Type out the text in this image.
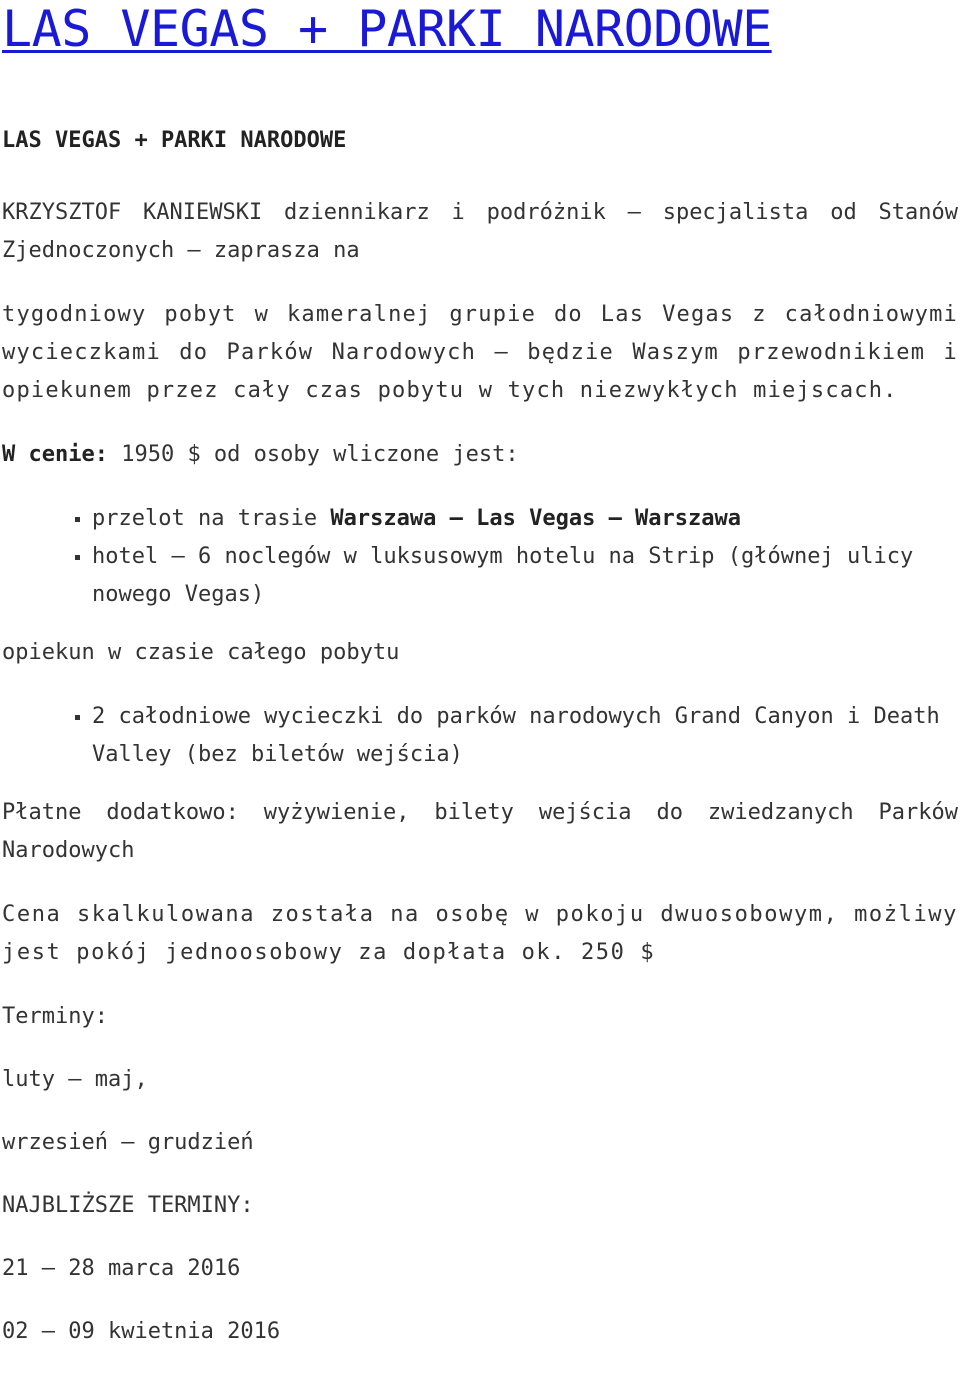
LAS VEGAS + PARKI NARODOWE

LAS VEGAS + PARKI NARODOWE

KRZYSZTOF KANIEWSKI dziennikarz i podróżnik – specjalista od Stanów Zjednoczonych – zaprasza na

tygodniowy pobyt w kameralnej grupie do Las Vegas z całodniowymi wycieczkami do Parków Narodowych – będzie Waszym przewodnikiem i opiekunem przez cały czas pobytu w tych niezwykłych miejscach.

W cenie: 1950 $ od osoby wliczone jest:

przelot na trasie Warszawa – Las Vegas – Warszawa
hotel – 6 noclegów w luksusowym hotelu na Strip (głównej ulicy nowego Vegas)

opiekun w czasie całego pobytu

2 całodniowe wycieczki do parków narodowych Grand Canyon i Death Valley (bez biletów wejścia)

Płatne dodatkowo: wyżywienie, bilety wejścia do zwiedzanych Parków Narodowych

Cena skalkulowana została na osobę w pokoju dwuosobowym, możliwy jest pokój jednoosobowy za dopłata ok. 250 $

Terminy:

luty – maj,

wrzesień – grudzień

NAJBLIŻSZE TERMINY:

21 – 28 marca 2016

02 – 09 kwietnia 2016
